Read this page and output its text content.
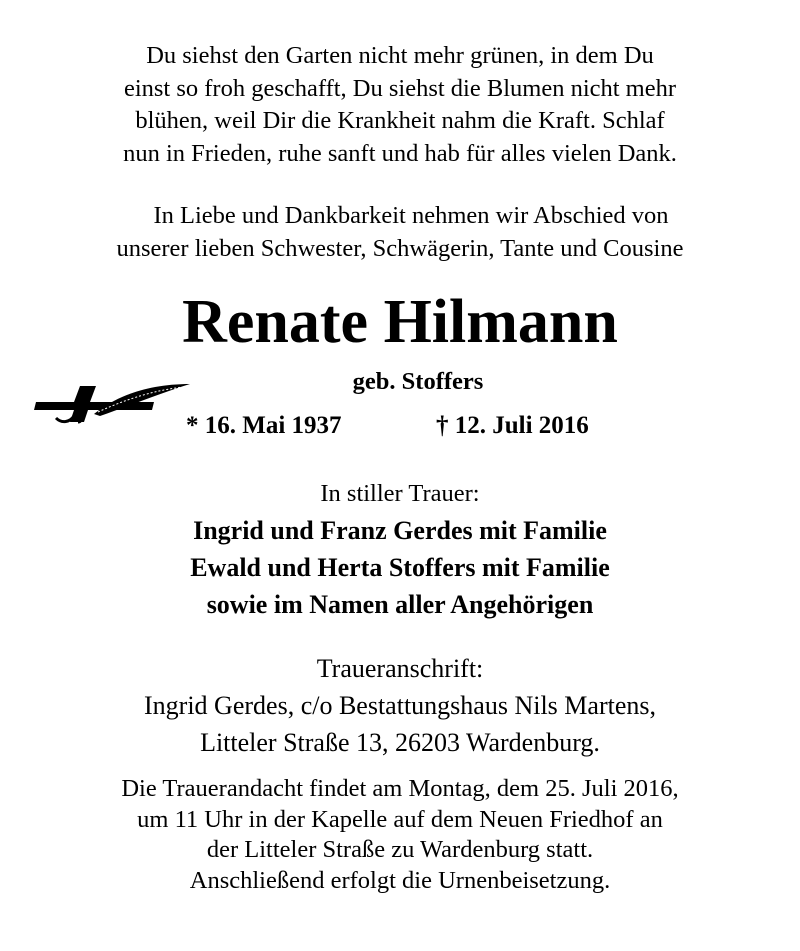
Du siehst den Garten nicht mehr grünen, in dem Du
einst so froh geschafft, Du siehst die Blumen nicht mehr
blühen, weil Dir die Krankheit nahm die Kraft. Schlaf
nun in Frieden, ruhe sanft und hab für alles vielen Dank.
In Liebe und Dankbarkeit nehmen wir Abschied von
unserer lieben Schwester, Schwägerin, Tante und Cousine
Renate Hilmann
geb. Stoffers
* 16. Mai 1937	† 12. Juli 2016
In stiller Trauer:
Ingrid und Franz Gerdes mit Familie
Ewald und Herta Stoffers mit Familie
sowie im Namen aller Angehörigen
Traueranschrift:
Ingrid Gerdes, c/o Bestattungshaus Nils Martens,
Litteler Straße 13, 26203 Wardenburg.
Die Trauerandacht findet am Montag, dem 25. Juli 2016,
um 11 Uhr in der Kapelle auf dem Neuen Friedhof an
der Litteler Straße zu Wardenburg statt.
Anschließend erfolgt die Urnenbeisetzung.
